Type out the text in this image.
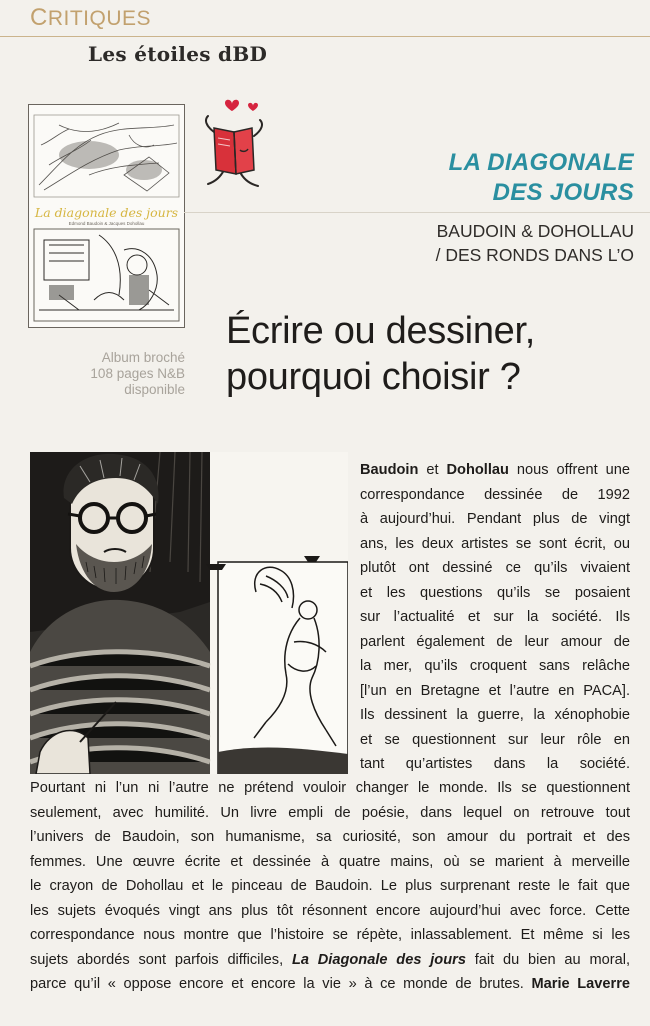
CRITIQUES
Les étoiles dBD
La diagonale des jours
Edmond Baudoin & Jacques Dohollau
Album broché
108 pages N&B
disponible
LA DIAGONALE
DES JOURS
BAUDOIN & DOHOLLAU
/ DES RONDS DANS L’O
Écrire ou dessiner,
pourquoi choisir ?
Baudoin et Dohollau nous offrent une
correspondance dessinée de 1992
à aujourd’hui. Pendant plus de vingt
ans, les deux artistes se sont écrit, ou
plutôt ont dessiné ce qu’ils vivaient
et les questions qu’ils se posaient
sur l’actualité et sur la société. Ils
parlent également de leur amour de
la mer, qu’ils croquent sans relâche
[l’un en Bretagne et l’autre en PACA].
Ils dessinent la guerre, la xénophobie
et se questionnent sur leur rôle en
tant qu’artistes dans la société.
Pourtant ni l’un ni l’autre ne prétend vouloir changer le monde. Ils se questionnent
seulement, avec humilité. Un livre empli de poésie, dans lequel on retrouve tout
l’univers de Baudoin, son humanisme, sa curiosité, son amour du portrait et des
femmes. Une œuvre écrite et dessinée à quatre mains, où se marient à merveille
le crayon de Dohollau et le pinceau de Baudoin. Le plus surprenant reste le fait que
les sujets évoqués vingt ans plus tôt résonnent encore aujourd’hui avec force. Cette
correspondance nous montre que l’histoire se répète, inlassablement. Et même si les
sujets abordés sont parfois difficiles, La Diagonale des jours fait du bien au moral,
parce qu’il « oppose encore et encore la vie » à ce monde de brutes. Marie Laverre
